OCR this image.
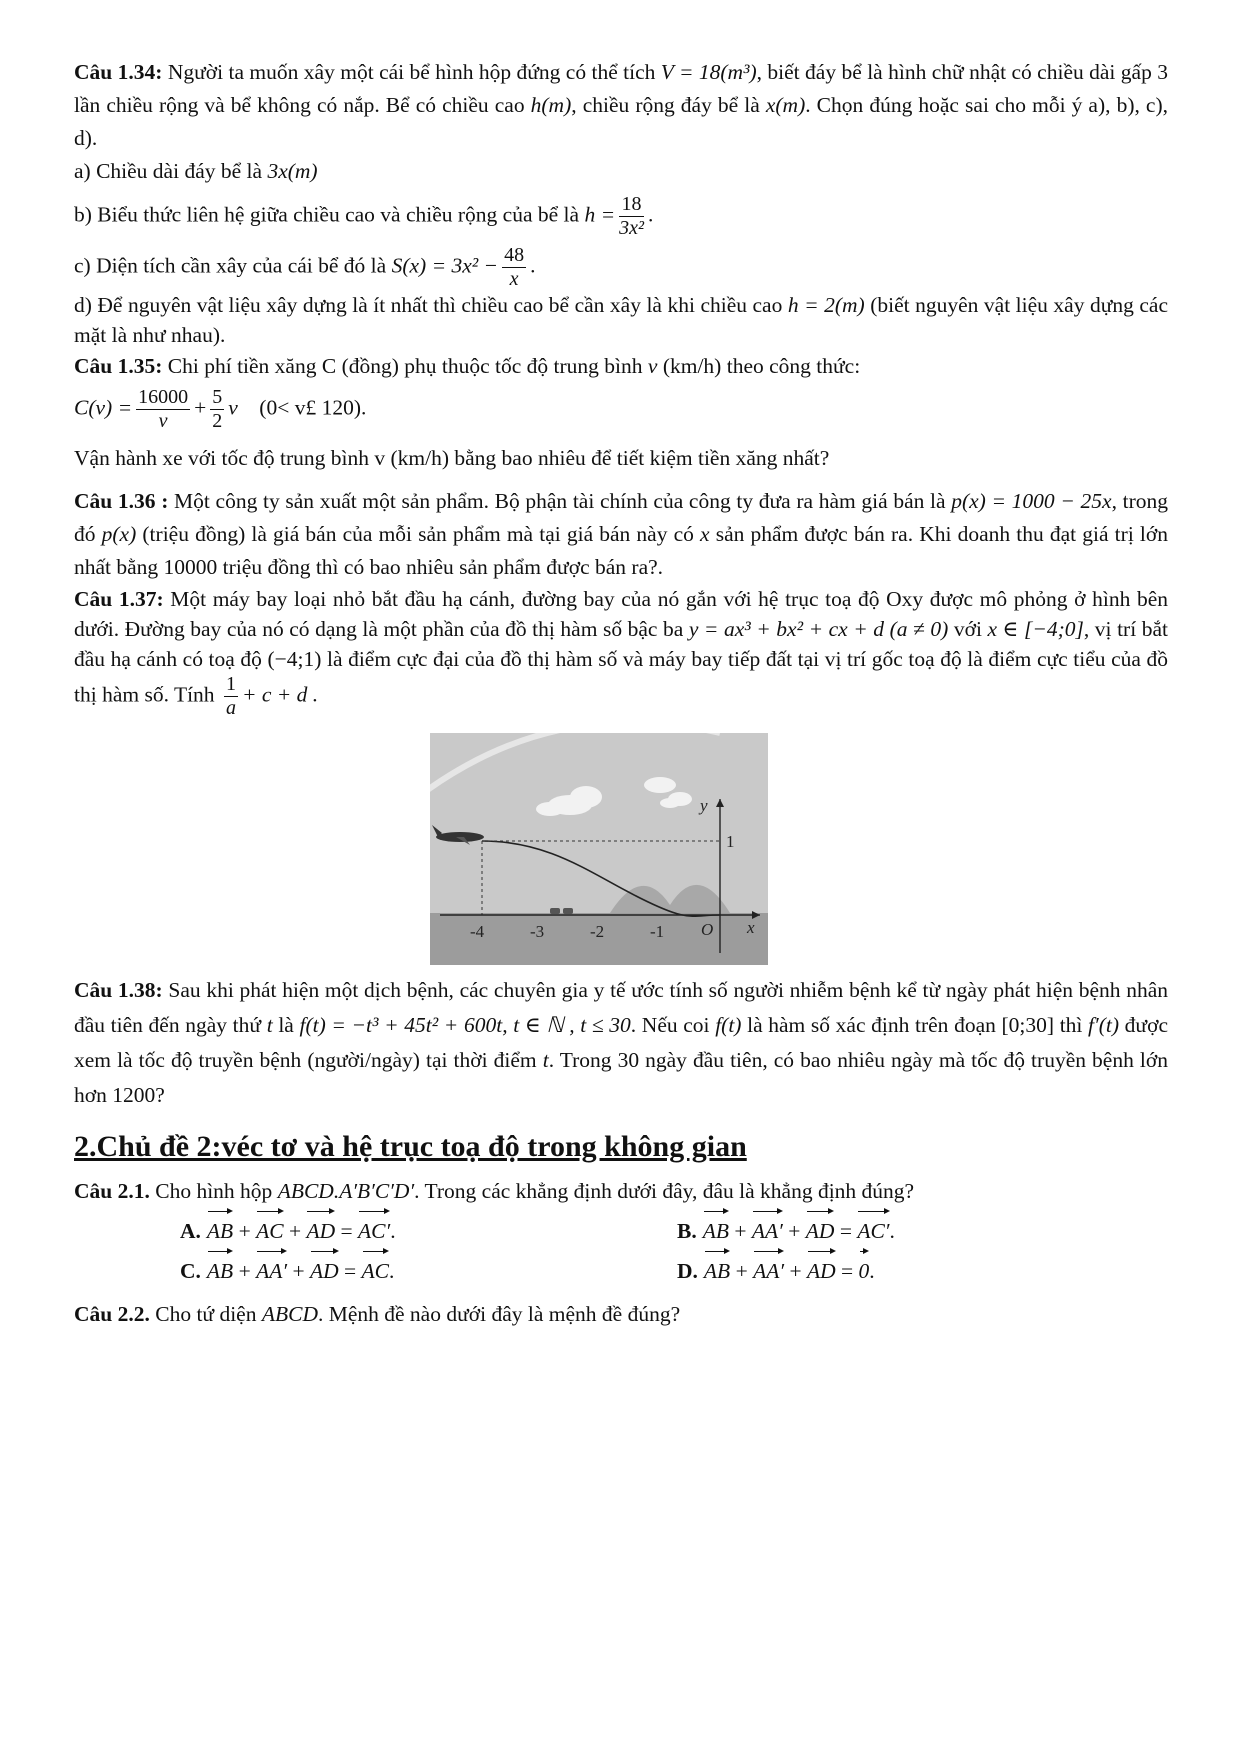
Câu 1.34: Người ta muốn xây một cái bể hình hộp đứng có thể tích V = 18(m³), biết đáy bể là hình chữ nhật có chiều dài gấp 3 lần chiều rộng và bể không có nắp. Bể có chiều cao h(m), chiều rộng đáy bể là x(m). Chọn đúng hoặc sai cho mỗi ý a), b), c), d).

a) Chiều dài đáy bể là 3x(m)

b) Biểu thức liên hệ giữa chiều cao và chiều rộng của bể là $h = \frac{18}{\text{3x²}}$ .

c) Diện tích cần xây của cái bể đó là $S(x) = 3x^2 - \frac{48}{x}$ .

d) Để nguyên vật liệu xây dựng là ít nhất thì chiều cao bể cần xây là khi chiều cao h = 2(m) (biết nguyên vật liệu xây dựng các mặt là như nhau).

Câu 1.35: Chi phí tiền xăng C (đồng) phụ thuộc tốc độ trung bình v (km/h) theo công thức:

$C(v) = \frac{16000}{v} + \frac{5}{2}$ v (0< v£ 120).

Vận hành xe với tốc độ trung bình v (km/h) bằng bao nhiêu để tiết kiệm tiền xăng nhất?

Câu 1.36 : Một công ty sản xuất một sản phẩm. Bộ phận tài chính của công ty đưa ra hàm giá bán là p(x) = 1000 − 25x, trong đó p(x) (triệu đồng) là giá bán của mỗi sản phẩm mà tại giá bán này có x sản phẩm được bán ra. Khi doanh thu đạt giá trị lớn nhất bằng 10000 triệu đồng thì có bao nhiêu sản phẩm được bán ra?.

Câu 1.37: Một máy bay loại nhỏ bắt đầu hạ cánh, đường bay của nó gắn với hệ trục toạ độ Oxy được mô phỏng ở hình bên dưới. Đường bay của nó có dạng là một phần của đồ thị hàm số bậc ba y = ax³ + bx² + cx + d (a ≠ 0) với x ∈ [−4;0], vị trí bắt đầu hạ cánh có toạ độ (−4;1) là điểm cực đại của đồ thị hàm số và máy bay tiếp đất tại vị trí gốc toạ độ là điểm cực tiểu của đồ thị hàm số. Tính $\frac{1}{a} + c + d$ .

y
1
O x
-4	-3	-2	-1

Câu 1.38: Sau khi phát hiện một dịch bệnh, các chuyên gia y tế ước tính số người nhiễm bệnh kể từ ngày phát hiện bệnh nhân đầu tiên đến ngày thứ t là f(t) = −t³ + 45t² + 600t, t ∈ ℕ , t ≤ 30. Nếu coi f(t) là hàm số xác định trên đoạn [0;30] thì f′(t) được xem là tốc độ truyền bệnh (người/ngày) tại thời điểm t. Trong 30 ngày đầu tiên, có bao nhiêu ngày mà tốc độ truyền bệnh lớn hơn 1200?

2.Chủ đề 2:véc tơ và hệ trục toạ độ trong không gian

Câu 2.1. Cho hình hộp ABCD.A′B′C′D′. Trong các khẳng định dưới đây, đâu là khẳng định đúng?

A. AB + AC + AD = AC′.	B. AB + AA′ + AD = AC′.
C. AB + AA′ + AD = AC.	D. AB + AA′ + AD = 0.

Câu 2.2. Cho tứ diện ABCD. Mệnh đề nào dưới đây là mệnh đề đúng?
